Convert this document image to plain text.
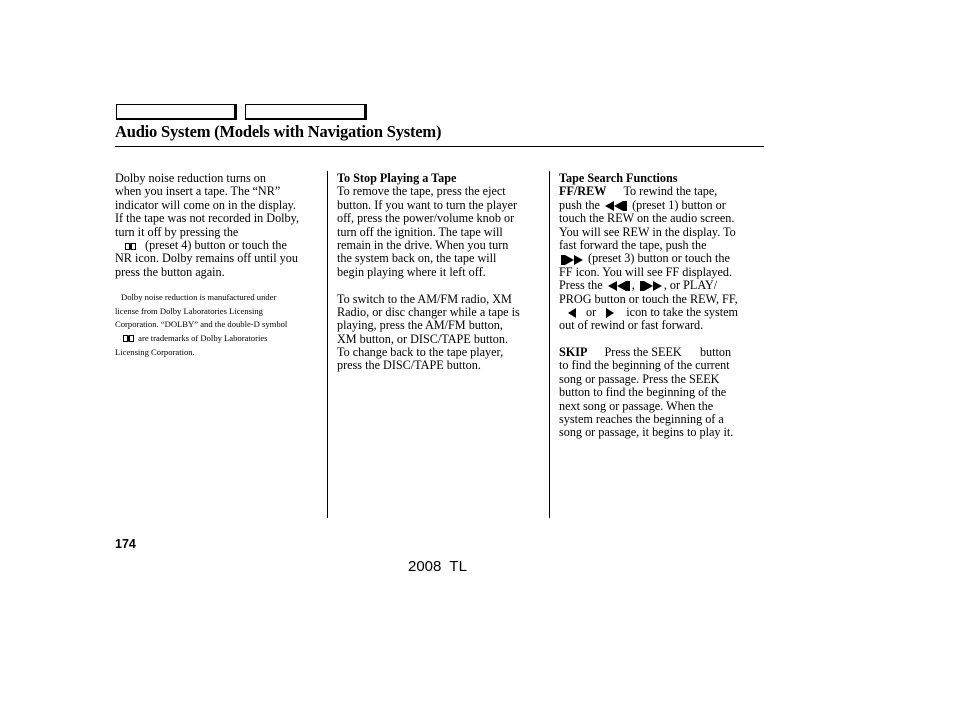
Audio System (Models with Navigation System)
Dolby noise reduction turns on
when you insert a tape. The “NR”
indicator will come on in the display.
If the tape was not recorded in Dolby,
turn it off by pressing the
(preset 4) button or touch the
NR icon. Dolby remains off until you
press the button again.
Dolby noise reduction is manufactured under
license from Dolby Laboratories Licensing
Corporation. “DOLBY” and the double-D symbol
are trademarks of Dolby Laboratories
Licensing Corporation.
To Stop Playing a Tape
To remove the tape, press the eject
button. If you want to turn the player
off, press the power/volume knob or
turn off the ignition. The tape will
remain in the drive. When you turn
the system back on, the tape will
begin playing where it left off.
To switch to the AM/FM radio, XM
Radio, or disc changer while a tape is
playing, press the AM/FM button,
XM button, or DISC/TAPE button.
To change back to the tape player,
press the DISC/TAPE button.
Tape Search Functions
FF/REW To rewind the tape,
push the	(preset 1) button or
touch the REW on the audio screen.
You will see REW in the display. To
fast forward the tape, push the
(preset 3) button or touch the
FF icon. You will see FF displayed.
Press the , , or PLAY/
PROG button or touch the REW, FF,
or icon to take the system
out of rewind or fast forward.
SKIP Press the SEEK      button
to find the beginning of the current
song or passage. Press the SEEK
button to find the beginning of the
next song or passage. When the
system reaches the beginning of a
song or passage, it begins to play it.
174
2008  TL
